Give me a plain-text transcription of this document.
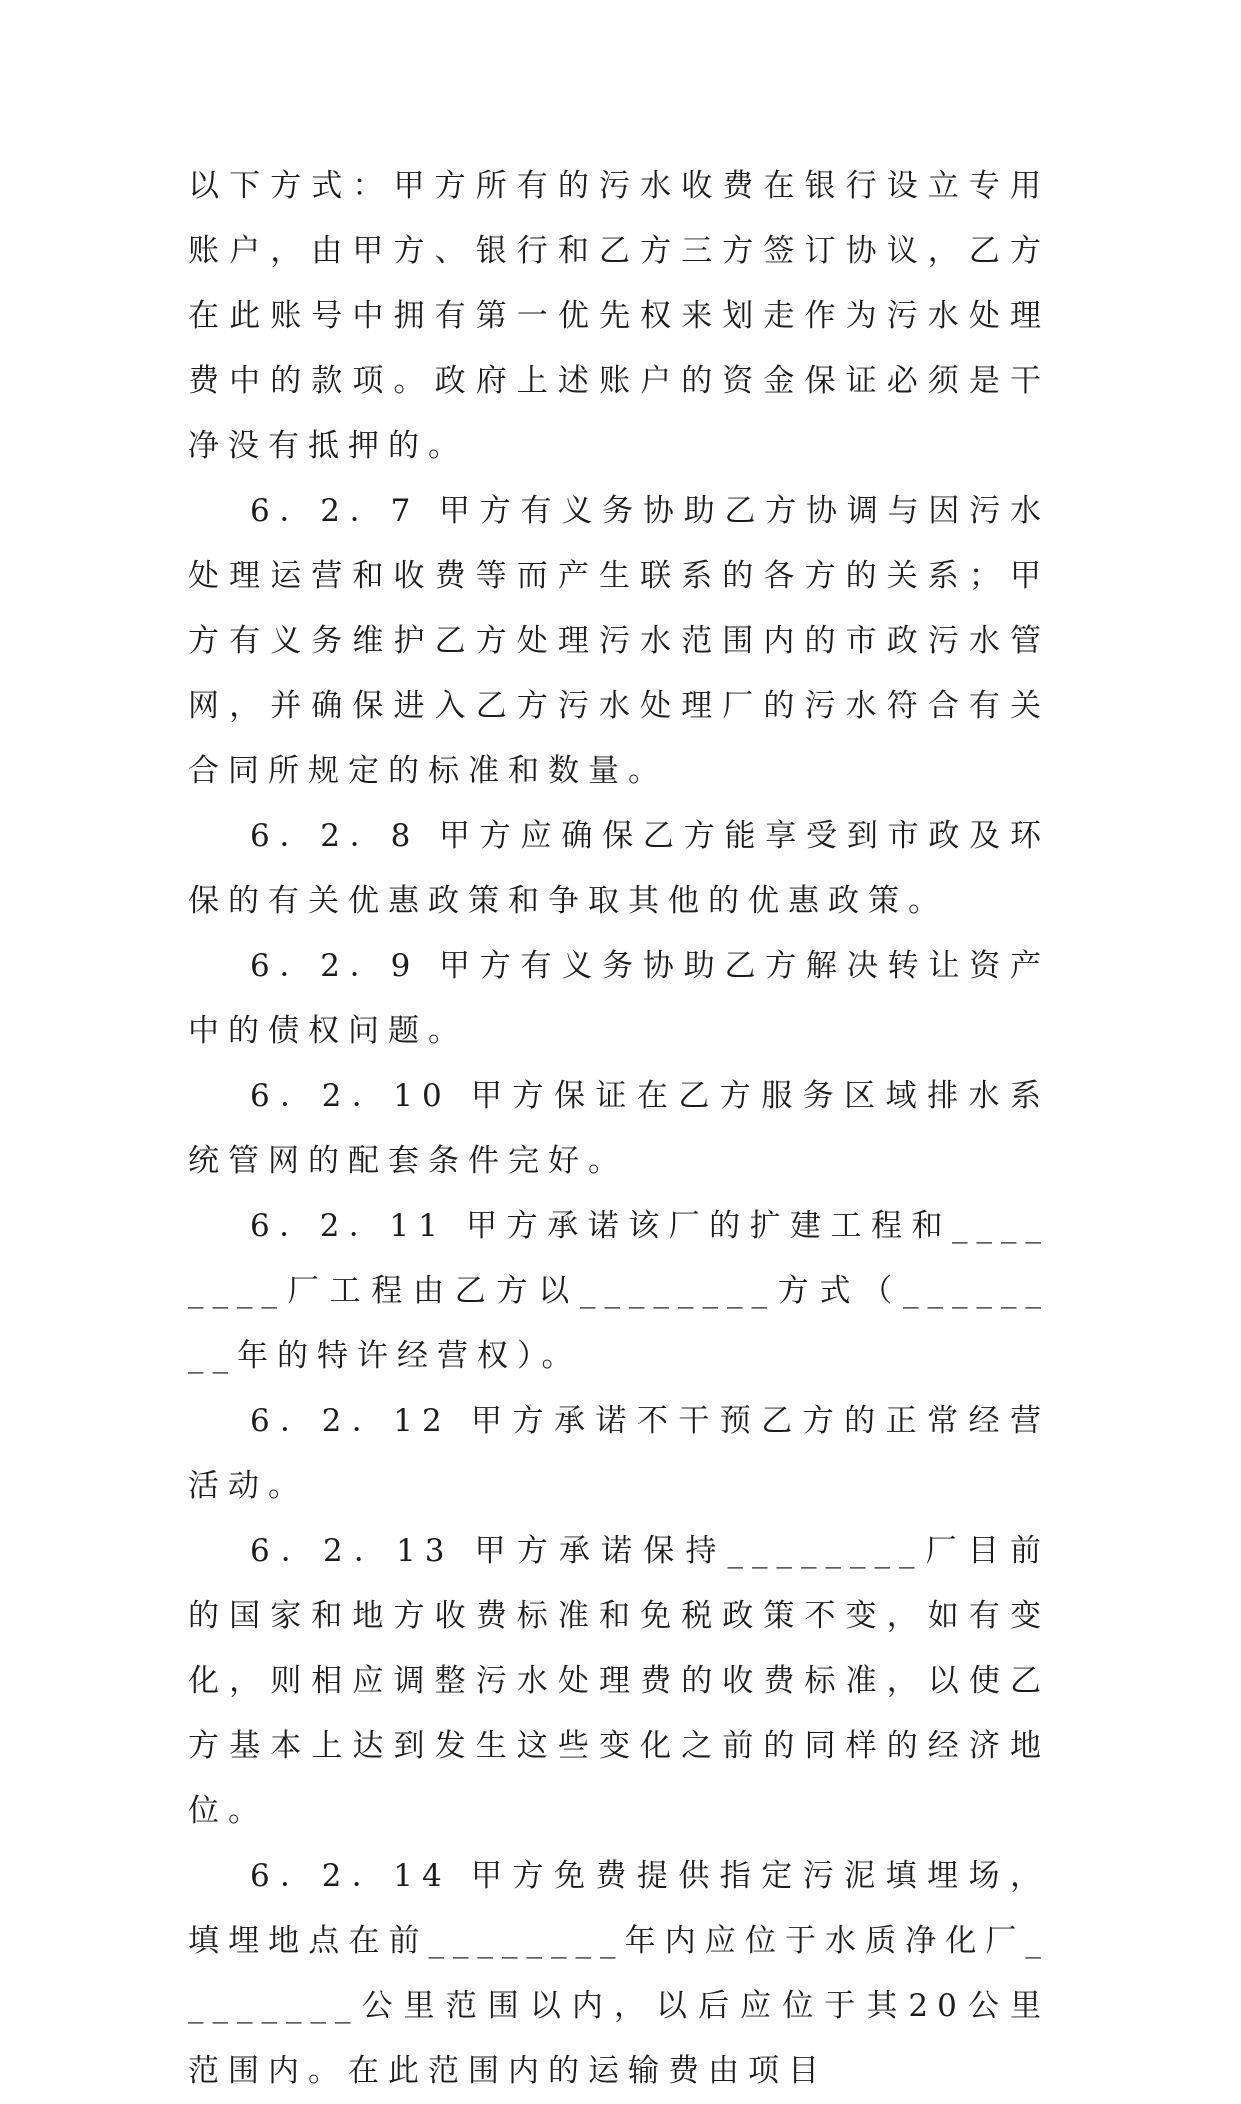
以下方式：甲方所有的污水收费在银行设立专用账户，由甲方、银行和乙方三方签订协议，乙方在此账号中拥有第一优先权来划走作为污水处理费中的款项。政府上述账户的资金保证必须是干净没有抵押的。

6．2．7 甲方有义务协助乙方协调与因污水处理运营和收费等而产生联系的各方的关系；甲方有义务维护乙方处理污水范围内的市政污水管网，并确保进入乙方污水处理厂的污水符合有关合同所规定的标准和数量。

6．2．8 甲方应确保乙方能享受到市政及环保的有关优惠政策和争取其他的优惠政策。

6．2．9 甲方有义务协助乙方解决转让资产中的债权问题。

6．2．10 甲方保证在乙方服务区域排水系统管网的配套条件完好。

6．2．11 甲方承诺该厂的扩建工程和________厂工程由乙方以________方式（________年的特许经营权）。

6．2．12 甲方承诺不干预乙方的正常经营活动。

6．2．13 甲方承诺保持________厂目前的国家和地方收费标准和免税政策不变，如有变化，则相应调整污水处理费的收费标准，以使乙方基本上达到发生这些变化之前的同样的经济地位。

6．2．14 甲方免费提供指定污泥填埋场，填埋地点在前________年内应位于水质净化厂________公里范围以内，以后应位于其20公里范围内。在此范围内的运输费由项目
